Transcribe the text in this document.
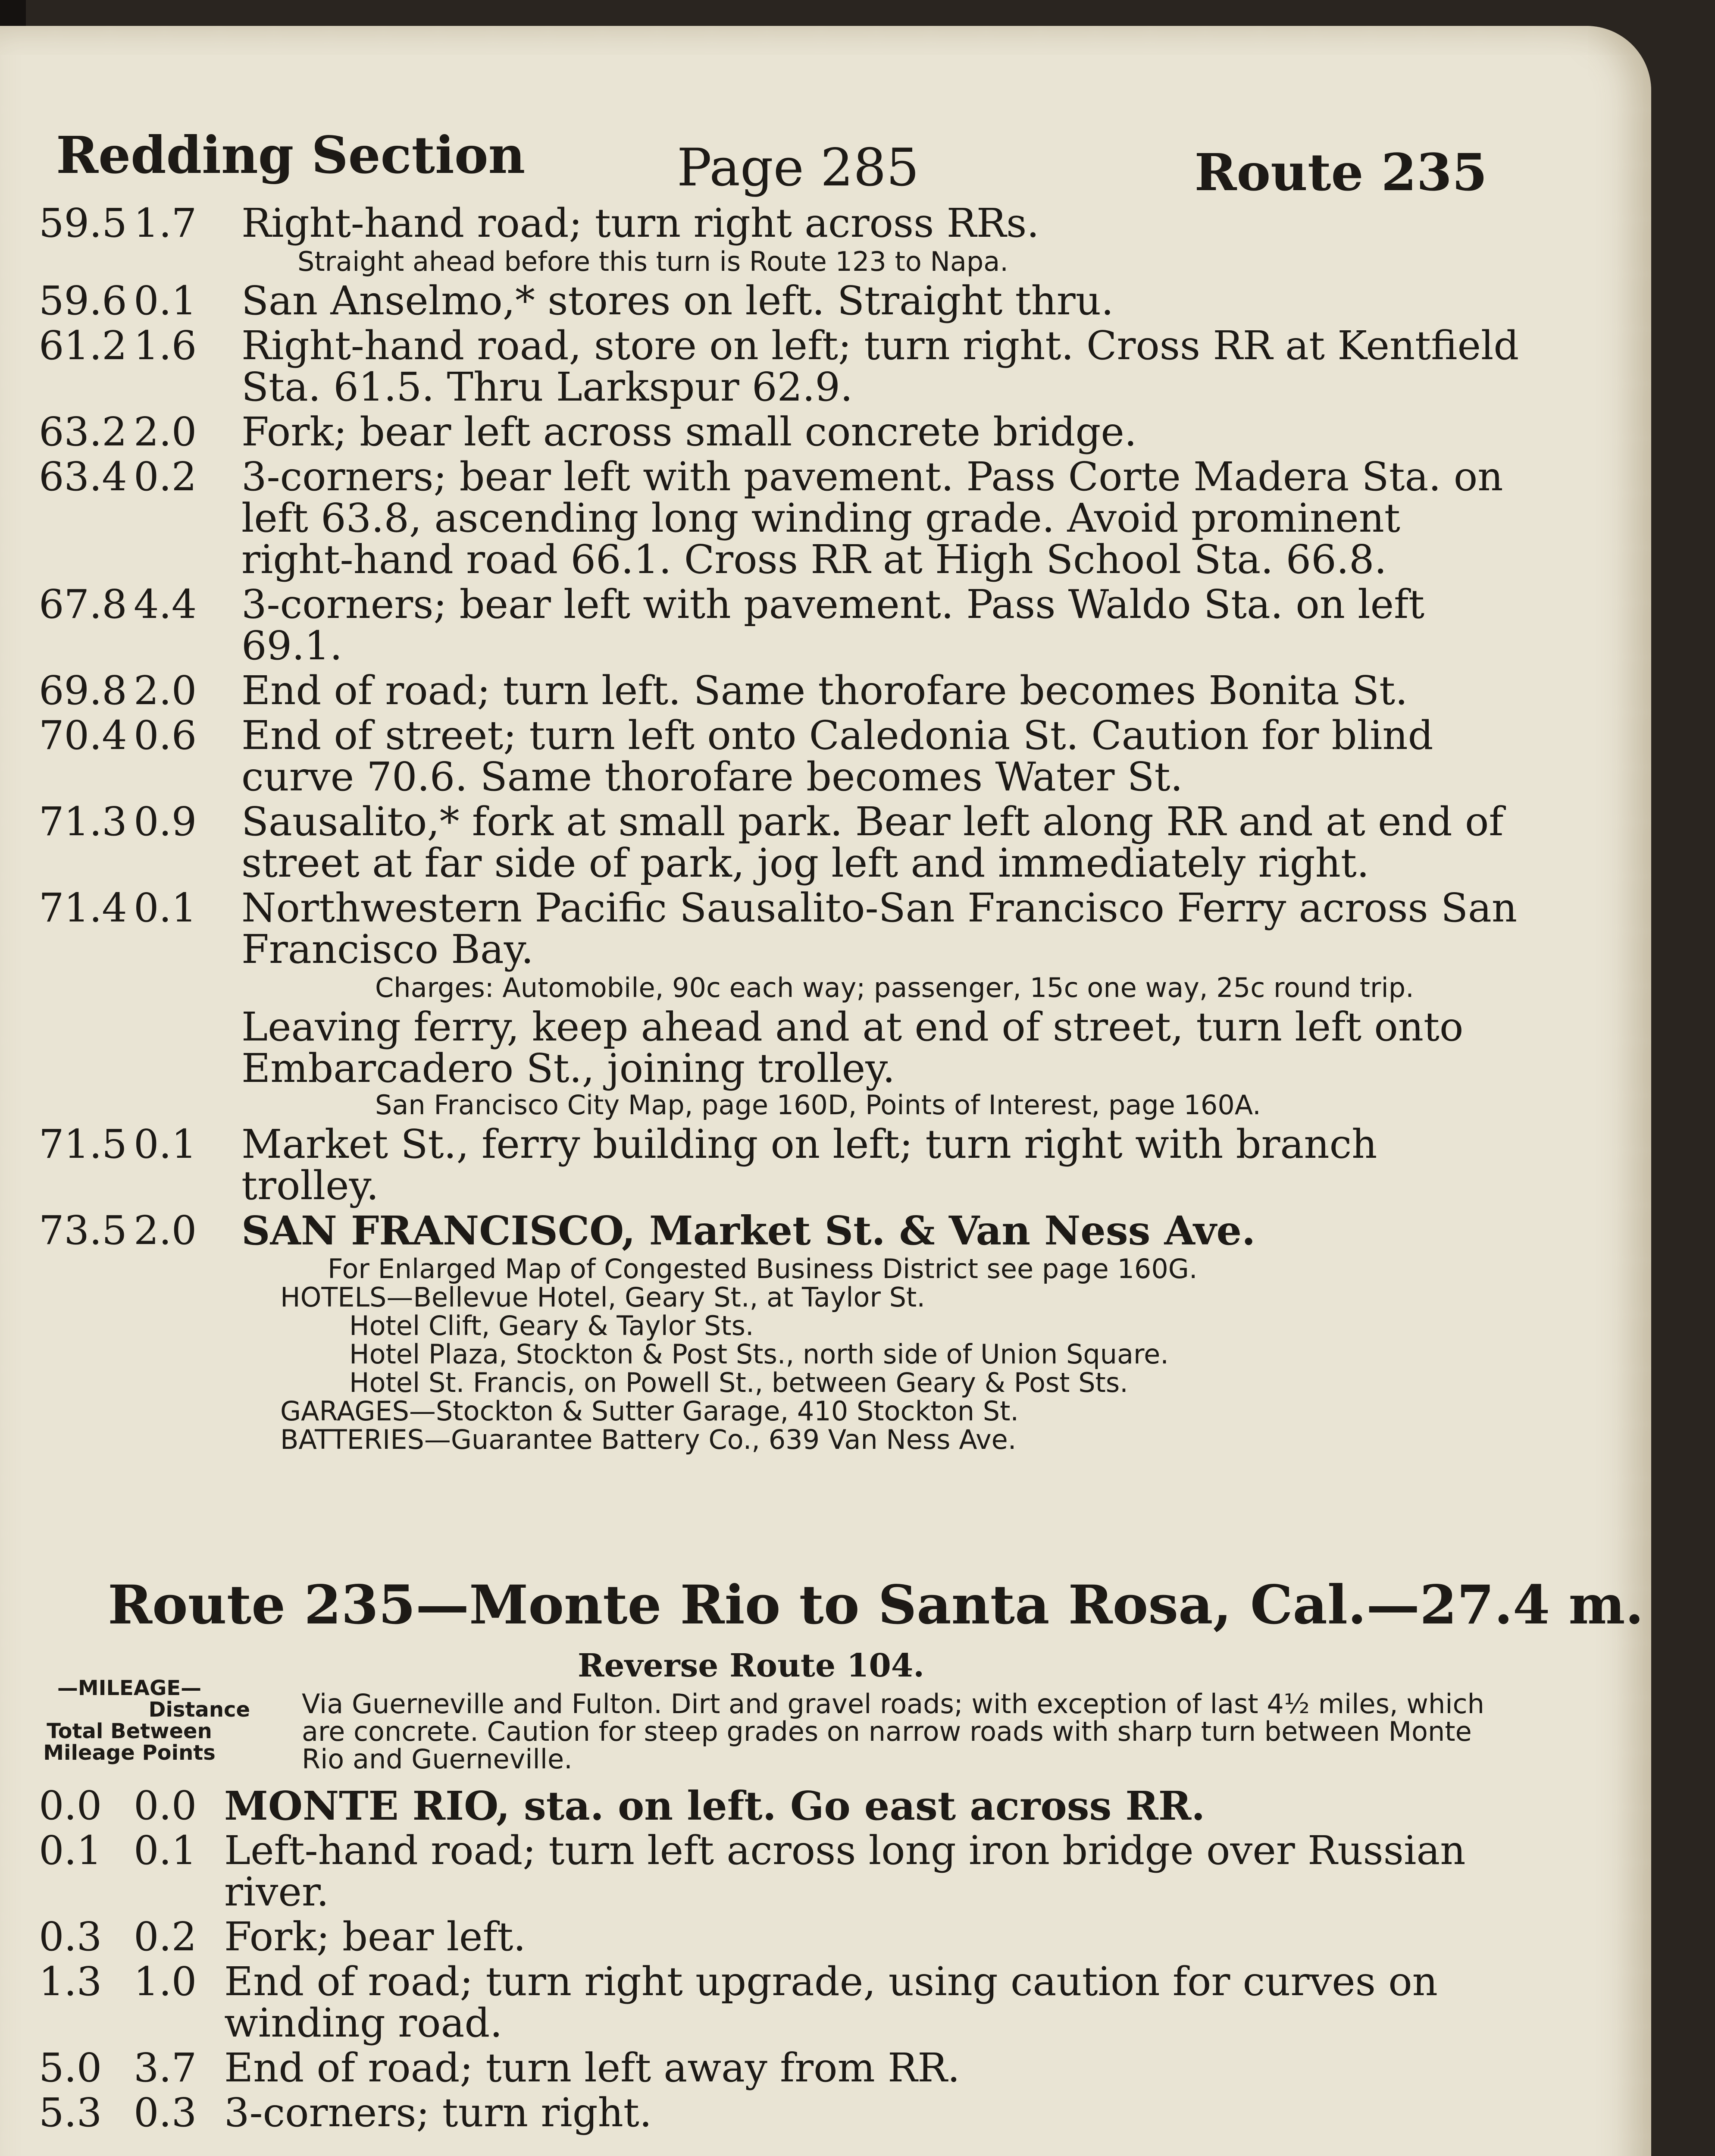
Redding Section	Page 285	Route 235
59.5 1.7 Right-hand road; turn right across RRs.
Straight ahead before this turn is Route 123 to Napa.
59.6 0.1 San Anselmo,* stores on left. Straight thru.
61.2 1.6 Right-hand road, store on left; turn right. Cross RR at Kentfield Sta. 61.5. Thru Larkspur 62.9.
63.2 2.0 Fork; bear left across small concrete bridge.
63.4 0.2 3-corners; bear left with pavement. Pass Corte Madera Sta. on left 63.8, ascending long winding grade. Avoid prominent right-hand road 66.1. Cross RR at High School Sta. 66.8.
67.8 4.4 3-corners; bear left with pavement. Pass Waldo Sta. on left 69.1.
69.8 2.0 End of road; turn left. Same thorofare becomes Bonita St.
70.4 0.6 End of street; turn left onto Caledonia St. Caution for blind curve 70.6. Same thorofare becomes Water St.
71.3 0.9 Sausalito,* fork at small park. Bear left along RR and at end of street at far side of park, jog left and immediately right.
71.4 0.1 Northwestern Pacific Sausalito-San Francisco Ferry across San Francisco Bay.
Charges: Automobile, 90c each way; passenger, 15c one way, 25c round trip.
Leaving ferry, keep ahead and at end of street, turn left onto Embarcadero St., joining trolley.
San Francisco City Map, page 160D, Points of Interest, page 160A.
71.5 0.1 Market St., ferry building on left; turn right with branch trolley.
73.5 2.0 SAN FRANCISCO, Market St. & Van Ness Ave.
For Enlarged Map of Congested Business District see page 160G.
HOTELS—Bellevue Hotel, Geary St., at Taylor St.
Hotel Clift, Geary & Taylor Sts.
Hotel Plaza, Stockton & Post Sts., north side of Union Square.
Hotel St. Francis, on Powell St., between Geary & Post Sts.
GARAGES—Stockton & Sutter Garage, 410 Stockton St.
BATTERIES—Guarantee Battery Co., 639 Van Ness Ave.
Route 235—Monte Rio to Santa Rosa, Cal.—27.4 m.
Reverse Route 104.
—MILEAGE—
Distance
Total Between
Mileage Points
Via Guerneville and Fulton. Dirt and gravel roads; with exception of last 4½ miles, which are concrete. Caution for steep grades on narrow roads with sharp turn between Monte Rio and Guerneville.
0.0 0.0 MONTE RIO, sta. on left. Go east across RR.
0.1 0.1 Left-hand road; turn left across long iron bridge over Russian river.
0.3 0.2 Fork; bear left.
1.3 1.0 End of road; turn right upgrade, using caution for curves on winding road.
5.0 3.7 End of road; turn left away from RR.
5.3 0.3 3-corners; turn right.
